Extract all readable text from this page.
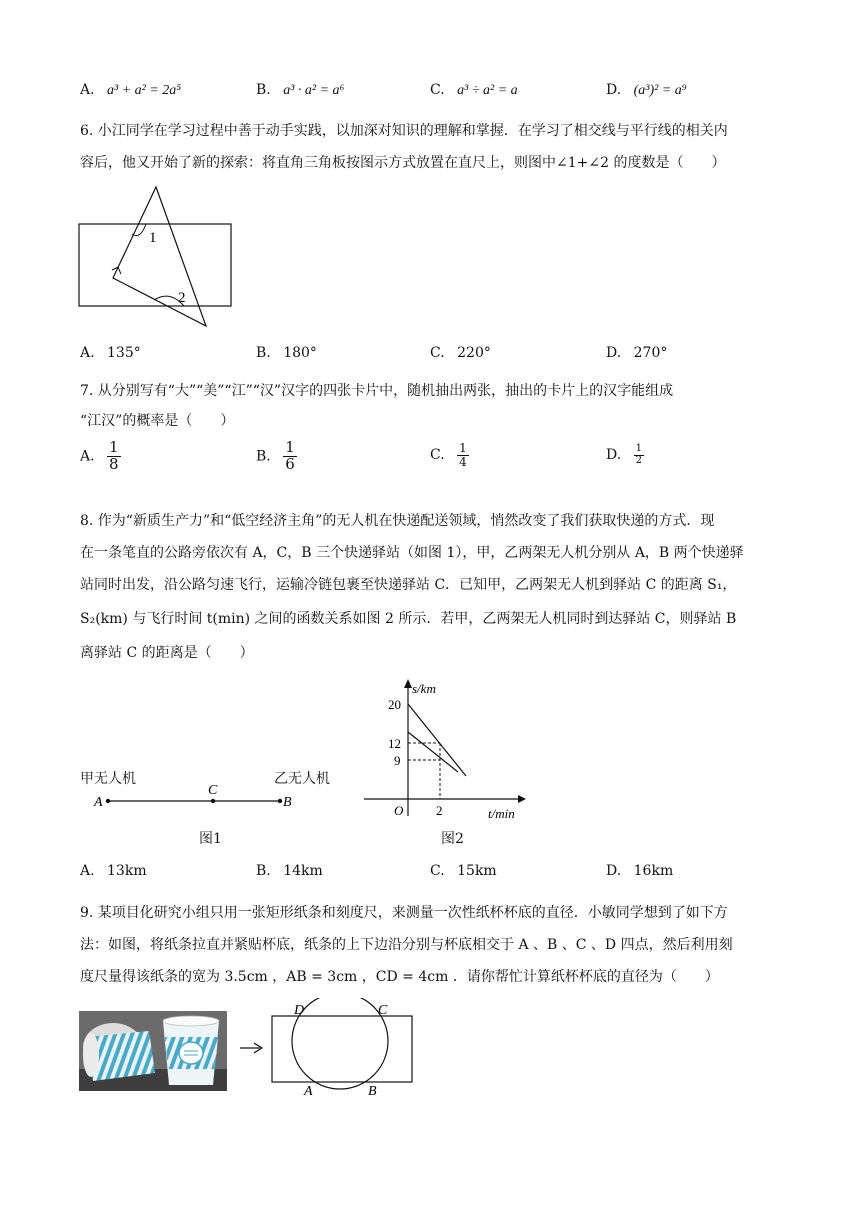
A. a³ + a² = 2a⁵	B. a³ · a² = a⁶	C. a³ ÷ a² = a	D. (a³)² = a⁹
6. 小江同学在学习过程中善于动手实践，以加深对知识的理解和掌握．在学习了相交线与平行线的相关内
容后，他又开始了新的探索：将直角三角板按图示方式放置在直尺上，则图中∠1+∠2 的度数是（　　）
1
2
A. 135°	B. 180°	C. 220°	D. 270°
7. 从分别写有“大”“美”“江”“汉”汉字的四张卡片中，随机抽出两张，抽出的卡片上的汉字能组成
“江汉”的概率是（　　）
A. $\frac{1}{8}$	B. $\frac{1}{6}$	C. $\frac{1}{4}$	D. $\frac{1}{2}$
8. 作为“新质生产力”和“低空经济主角”的无人机在快递配送领域，悄然改变了我们获取快递的方式．现
在一条笔直的公路旁依次有 A，C，B 三个快递驿站（如图 1），甲，乙两架无人机分别从 A，B 两个快递驿
站同时出发，沿公路匀速飞行，运输冷链包裹至快递驿站 C．已知甲，乙两架无人机到驿站 C 的距离 S₁，
S₂(km) 与飞行时间 t(min) 之间的函数关系如图 2 所示．若甲，乙两架无人机同时到达驿站 C，则驿站 B
离驿站 C 的距离是（　　）
甲无人机	乙无人机
A
C
B
图1
s/km
t/min
O
20
12
9
2
图2
A. 13km	B. 14km	C. 15km	D. 16km
9. 某项目化研究小组只用一张矩形纸条和刻度尺，来测量一次性纸杯杯底的直径．小敏同学想到了如下方
法：如图，将纸条拉直并紧贴杯底，纸条的上下边沿分别与杯底相交于 A 、B 、C 、D 四点，然后利用刻
度尺量得该纸条的宽为 3.5cm ，AB = 3cm ，CD = 4cm ．请你帮忙计算纸杯杯底的直径为（　　）
D	C
A	B
